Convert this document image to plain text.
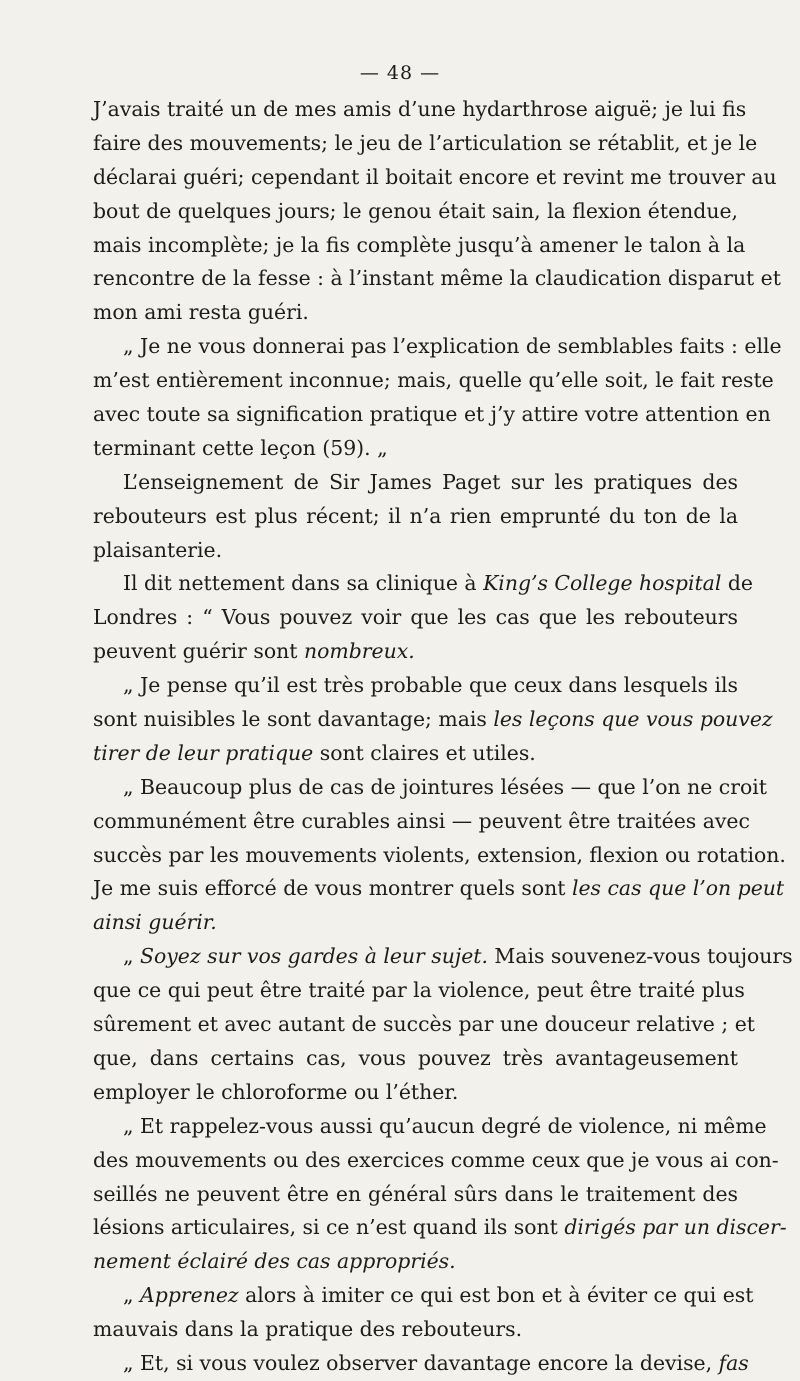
— 48 —
J’avais traité un de mes amis d’une hydarthrose aiguë; je lui fis
faire des mouvements; le jeu de l’articulation se rétablit, et je le
déclarai guéri; cependant il boitait encore et revint me trouver au
bout de quelques jours; le genou était sain, la flexion étendue,
mais incomplète; je la fis complète jusqu’à amener le talon à la
rencontre de la fesse : à l’instant même la claudication disparut et
mon ami resta guéri.
„ Je ne vous donnerai pas l’explication de semblables faits : elle
m’est entièrement inconnue; mais, quelle qu’elle soit, le fait reste
avec toute sa signification pratique et j’y attire votre attention en
terminant cette leçon (59). „
L’enseignement de Sir James Paget sur les pratiques des
rebouteurs est plus récent; il n’a rien emprunté du ton de la
plaisanterie.
Il dit nettement dans sa clinique à King’s College hospital de
Londres : “ Vous pouvez voir que les cas que les rebouteurs
peuvent guérir sont nombreux.
„ Je pense qu’il est très probable que ceux dans lesquels ils
sont nuisibles le sont davantage; mais les leçons que vous pouvez
tirer de leur pratique sont claires et utiles.
„ Beaucoup plus de cas de jointures lésées — que l’on ne croit
communément être curables ainsi — peuvent être traitées avec
succès par les mouvements violents, extension, flexion ou rotation.
Je me suis efforcé de vous montrer quels sont les cas que l’on peut
ainsi guérir.
„ Soyez sur vos gardes à leur sujet. Mais souvenez-vous toujours
que ce qui peut être traité par la violence, peut être traité plus
sûrement et avec autant de succès par une douceur relative ; et
que, dans certains cas, vous pouvez très avantageusement
employer le chloroforme ou l’éther.
„ Et rappelez-vous aussi qu’aucun degré de violence, ni même
des mouvements ou des exercices comme ceux que je vous ai con-
seillés ne peuvent être en général sûrs dans le traitement des
lésions articulaires, si ce n’est quand ils sont dirigés par un discer-
nement éclairé des cas appropriés.
„ Apprenez alors à imiter ce qui est bon et à éviter ce qui est
mauvais dans la pratique des rebouteurs.
„ Et, si vous voulez observer davantage encore la devise, fas
